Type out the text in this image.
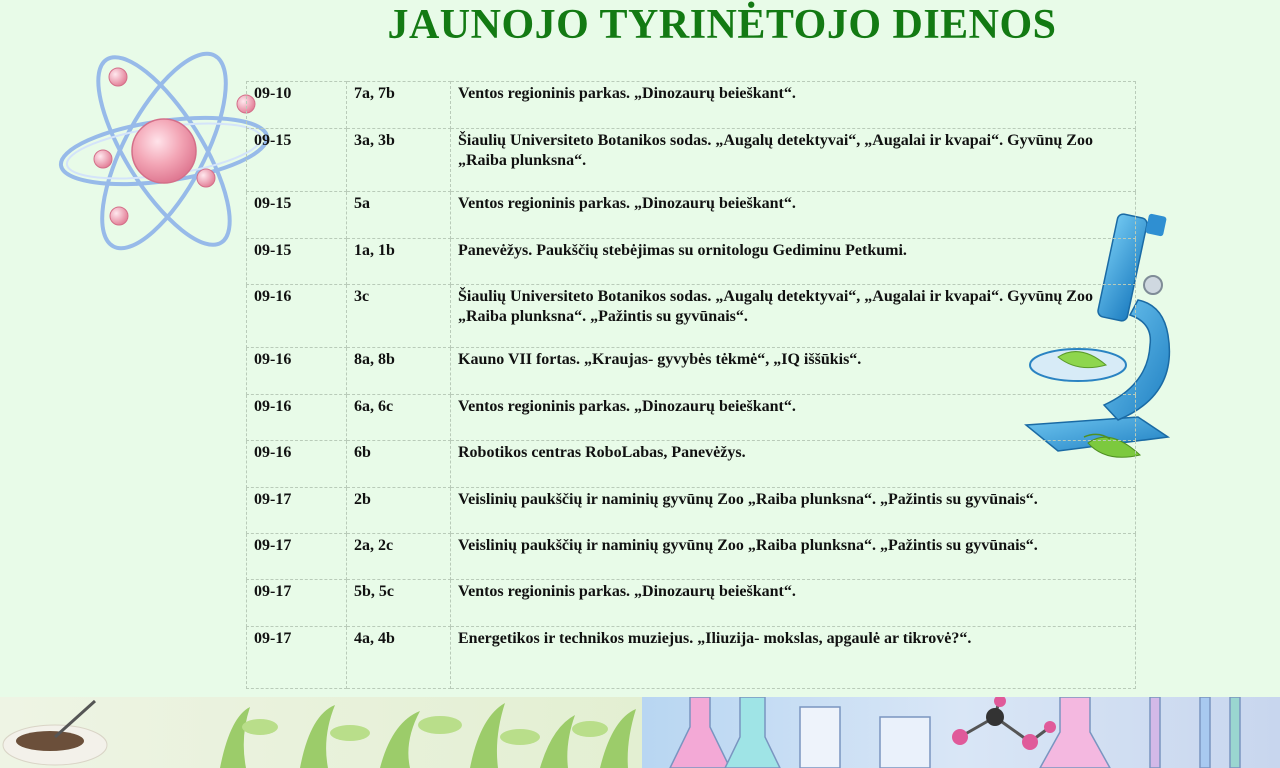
JAUNOJO TYRINĖTOJO DIENOS
09-10	7a, 7b	Ventos regioninis parkas. „Dinozaurų beieškant“.
09-15	3a, 3b	Šiaulių Universiteto Botanikos sodas. „Augalų detektyvai“, „Augalai ir kvapai“. Gyvūnų Zoo „Raiba plunksna“.
09-15	5a	Ventos regioninis parkas. „Dinozaurų beieškant“.
09-15	1a, 1b	Panevėžys. Paukščių stebėjimas su ornitologu Gediminu Petkumi.
09-16	3c	Šiaulių Universiteto Botanikos sodas. „Augalų detektyvai“, „Augalai ir kvapai“. Gyvūnų Zoo „Raiba plunksna“. „Pažintis su gyvūnais“.
09-16	8a, 8b	Kauno VII fortas. „Kraujas- gyvybės tėkmė“, „IQ iššūkis“.
09-16	6a, 6c	Ventos regioninis parkas. „Dinozaurų beieškant“.
09-16	6b	Robotikos centras RoboLabas, Panevėžys.
09-17	2b	Veislinių paukščių ir naminių gyvūnų Zoo „Raiba plunksna“. „Pažintis su gyvūnais“.
09-17	2a, 2c	Veislinių paukščių ir naminių gyvūnų Zoo „Raiba plunksna“. „Pažintis su gyvūnais“.
09-17	5b, 5c	Ventos regioninis parkas. „Dinozaurų beieškant“.
09-17	4a, 4b	Energetikos ir technikos muziejus. „Iliuzija- mokslas, apgaulė ar tikrovė?“.
